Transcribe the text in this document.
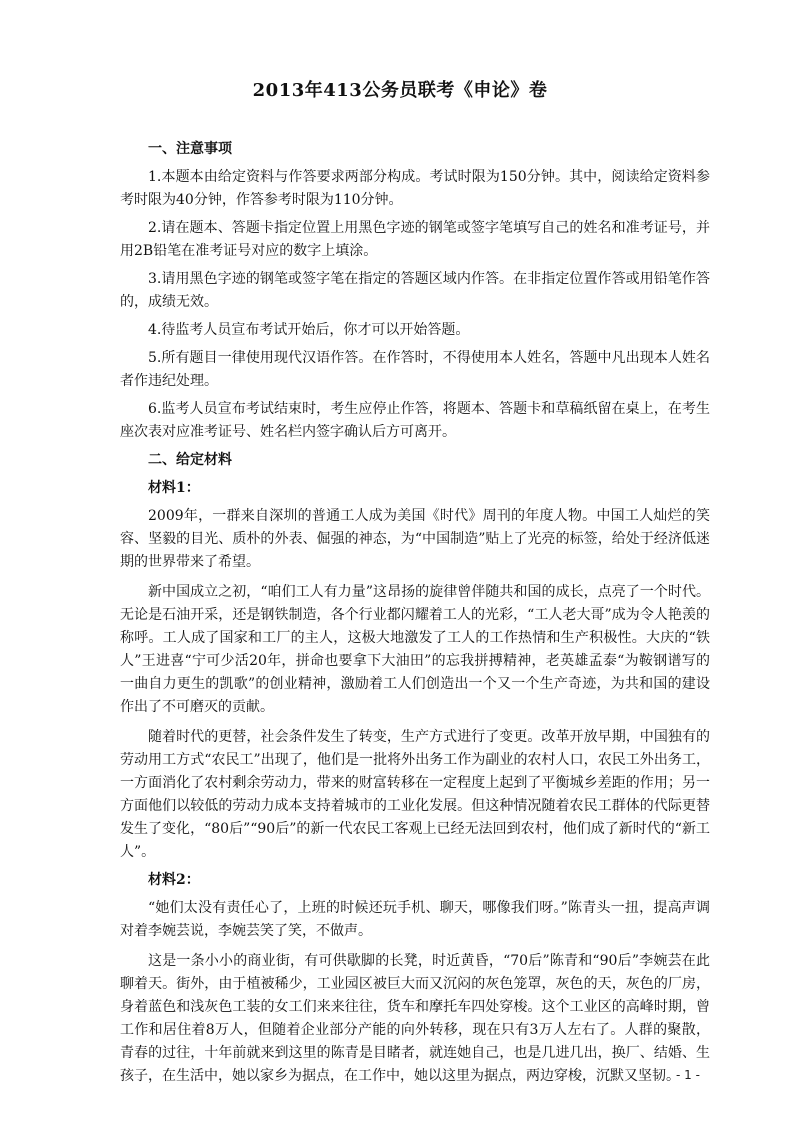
2013年413公务员联考《申论》卷

一、注意事项

1.本题本由给定资料与作答要求两部分构成。考试时限为150分钟。其中，阅读给定资料参考时限为40分钟，作答参考时限为110分钟。

2.请在题本、答题卡指定位置上用黑色字迹的钢笔或签字笔填写自己的姓名和准考证号，并用2B铅笔在准考证号对应的数字上填涂。

3.请用黑色字迹的钢笔或签字笔在指定的答题区域内作答。在非指定位置作答或用铅笔作答的，成绩无效。

4.待监考人员宣布考试开始后，你才可以开始答题。

5.所有题目一律使用现代汉语作答。在作答时，不得使用本人姓名，答题中凡出现本人姓名者作违纪处理。

6.监考人员宣布考试结束时，考生应停止作答，将题本、答题卡和草稿纸留在桌上，在考生座次表对应准考证号、姓名栏内签字确认后方可离开。

二、给定材料

材料1：

2009年，一群来自深圳的普通工人成为美国《时代》周刊的年度人物。中国工人灿烂的笑容、坚毅的目光、质朴的外表、倔强的神态，为“中国制造”贴上了光亮的标签，给处于经济低迷期的世界带来了希望。

新中国成立之初，“咱们工人有力量”这昂扬的旋律曾伴随共和国的成长，点亮了一个时代。无论是石油开采，还是钢铁制造，各个行业都闪耀着工人的光彩，“工人老大哥”成为令人艳羡的称呼。工人成了国家和工厂的主人，这极大地激发了工人的工作热情和生产积极性。大庆的“铁人”王进喜“宁可少活20年，拼命也要拿下大油田”的忘我拼搏精神，老英雄孟泰“为鞍钢谱写的一曲自力更生的凯歌”的创业精神，激励着工人们创造出一个又一个生产奇迹，为共和国的建设作出了不可磨灭的贡献。

随着时代的更替，社会条件发生了转变，生产方式进行了变更。改革开放早期，中国独有的劳动用工方式“农民工”出现了，他们是一批将外出务工作为副业的农村人口，农民工外出务工，一方面消化了农村剩余劳动力，带来的财富转移在一定程度上起到了平衡城乡差距的作用；另一方面他们以较低的劳动力成本支持着城市的工业化发展。但这种情况随着农民工群体的代际更替发生了变化，“80后”“90后”的新一代农民工客观上已经无法回到农村，他们成了新时代的“新工人”。

材料2：

“她们太没有责任心了，上班的时候还玩手机、聊天，哪像我们呀。”陈青头一扭，提高声调对着李婉芸说，李婉芸笑了笑，不做声。

这是一条小小的商业街，有可供歇脚的长凳，时近黄昏，“70后”陈青和“90后”李婉芸在此聊着天。街外，由于植被稀少，工业园区被巨大而又沉闷的灰色笼罩，灰色的天，灰色的厂房，身着蓝色和浅灰色工装的女工们来来往往，货车和摩托车四处穿梭。这个工业区的高峰时期，曾工作和居住着8万人，但随着企业部分产能的向外转移，现在只有3万人左右了。人群的聚散，青春的过往，十年前就来到这里的陈青是目睹者，就连她自己，也是几进几出，换厂、结婚、生孩子，在生活中，她以家乡为据点，在工作中，她以这里为据点，两边穿梭，沉默又坚韧。

- 1 -
